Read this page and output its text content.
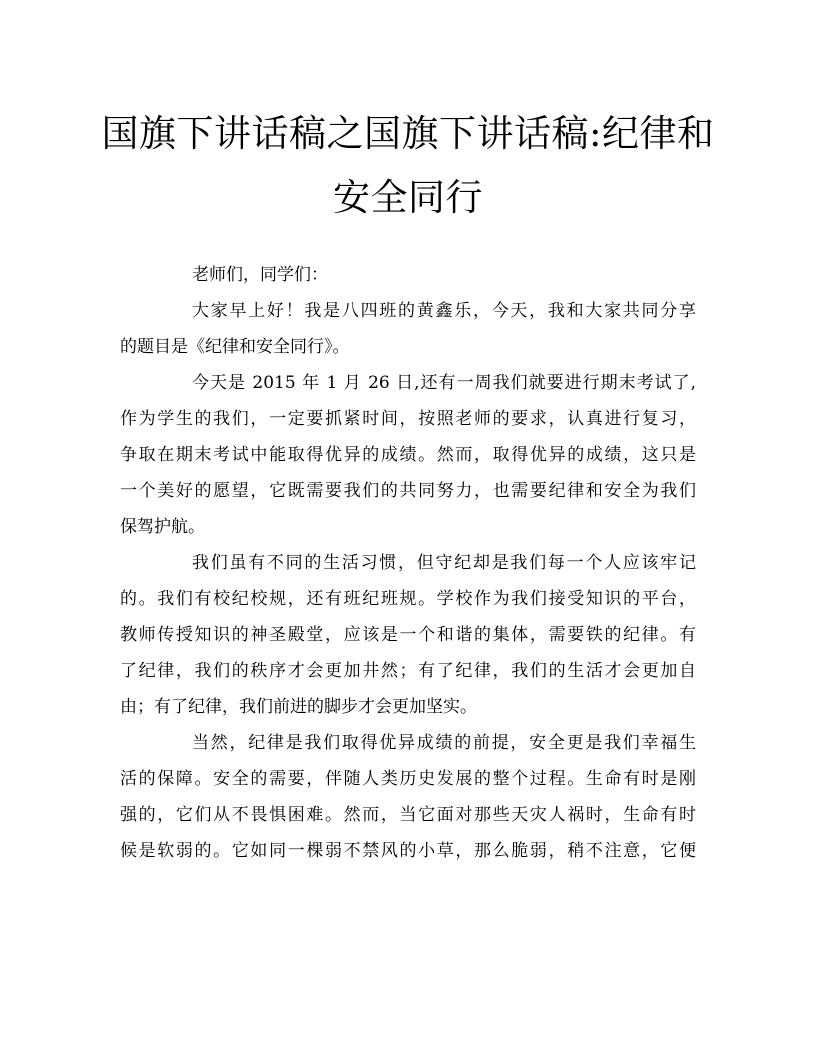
国旗下讲话稿之国旗下讲话稿:纪律和
安全同行

老师们，同学们：

大家早上好！我是八四班的黄鑫乐，今天，我和大家共同分享
的题目是《纪律和安全同行》。

今天是 2015 年 1 月 26 日,还有一周我们就要进行期末考试了,
作为学生的我们，一定要抓紧时间，按照老师的要求，认真进行复习，
争取在期末考试中能取得优异的成绩。然而，取得优异的成绩，这只是
一个美好的愿望，它既需要我们的共同努力，也需要纪律和安全为我们
保驾护航。

我们虽有不同的生活习惯，但守纪却是我们每一个人应该牢记
的。我们有校纪校规，还有班纪班规。学校作为我们接受知识的平台，
教师传授知识的神圣殿堂，应该是一个和谐的集体，需要铁的纪律。有
了纪律，我们的秩序才会更加井然；有了纪律，我们的生活才会更加自
由；有了纪律，我们前进的脚步才会更加坚实。

当然，纪律是我们取得优异成绩的前提，安全更是我们幸福生
活的保障。安全的需要，伴随人类历史发展的整个过程。生命有时是刚
强的，它们从不畏惧困难。然而，当它面对那些天灾人祸时，生命有时
候是软弱的。它如同一棵弱不禁风的小草，那么脆弱，稍不注意，它便
